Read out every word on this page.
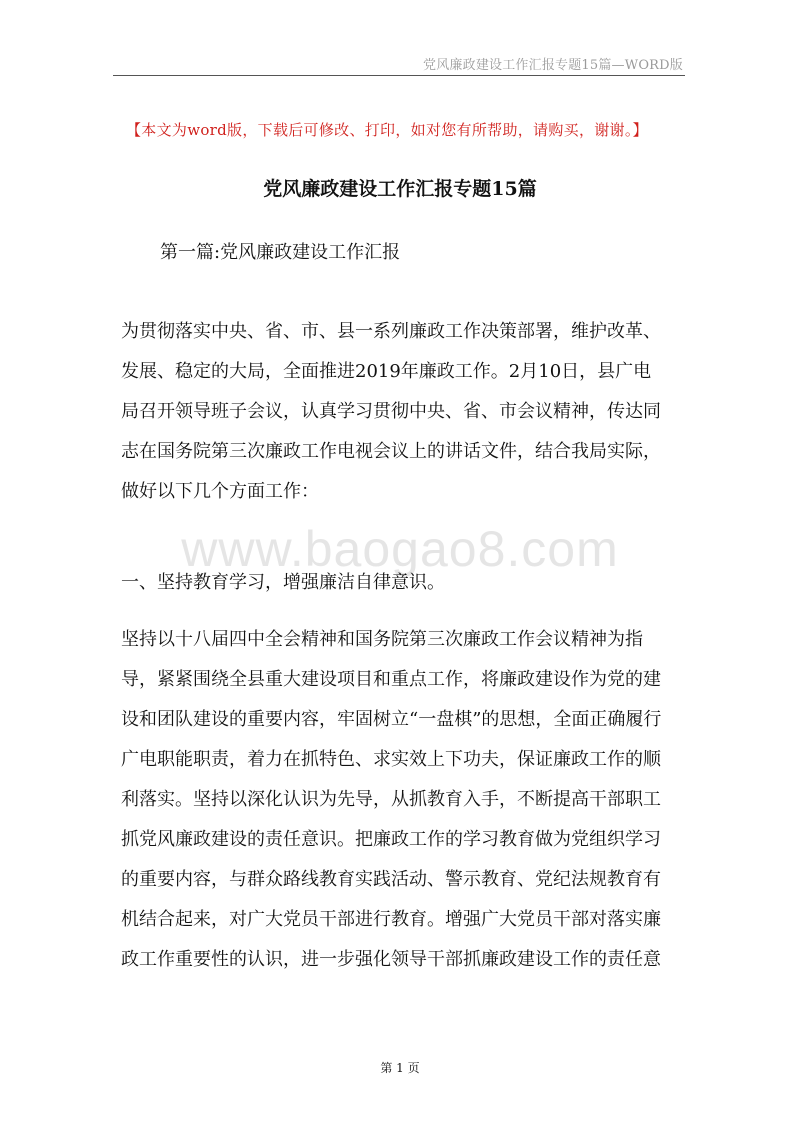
党风廉政建设工作汇报专题15篇—WORD版
【本文为word版，下载后可修改、打印，如对您有所帮助，请购买，谢谢。】
党风廉政建设工作汇报专题15篇
第一篇:党风廉政建设工作汇报
为贯彻落实中央、省、市、县一系列廉政工作决策部署，维护改革、
发展、稳定的大局，全面推进2019年廉政工作。2月10日，县广电
局召开领导班子会议，认真学习贯彻中央、省、市会议精神，传达同
志在国务院第三次廉政工作电视会议上的讲话文件，结合我局实际，
做好以下几个方面工作：
www.baogao8.com
一、坚持教育学习，增强廉洁自律意识。
坚持以十八届四中全会精神和国务院第三次廉政工作会议精神为指
导，紧紧围绕全县重大建设项目和重点工作，将廉政建设作为党的建
设和团队建设的重要内容，牢固树立“一盘棋”的思想，全面正确履行
广电职能职责，着力在抓特色、求实效上下功夫，保证廉政工作的顺
利落实。坚持以深化认识为先导，从抓教育入手，不断提高干部职工
抓党风廉政建设的责任意识。把廉政工作的学习教育做为党组织学习
的重要内容，与群众路线教育实践活动、警示教育、党纪法规教育有
机结合起来，对广大党员干部进行教育。增强广大党员干部对落实廉
政工作重要性的认识，进一步强化领导干部抓廉政建设工作的责任意
第 1 页
